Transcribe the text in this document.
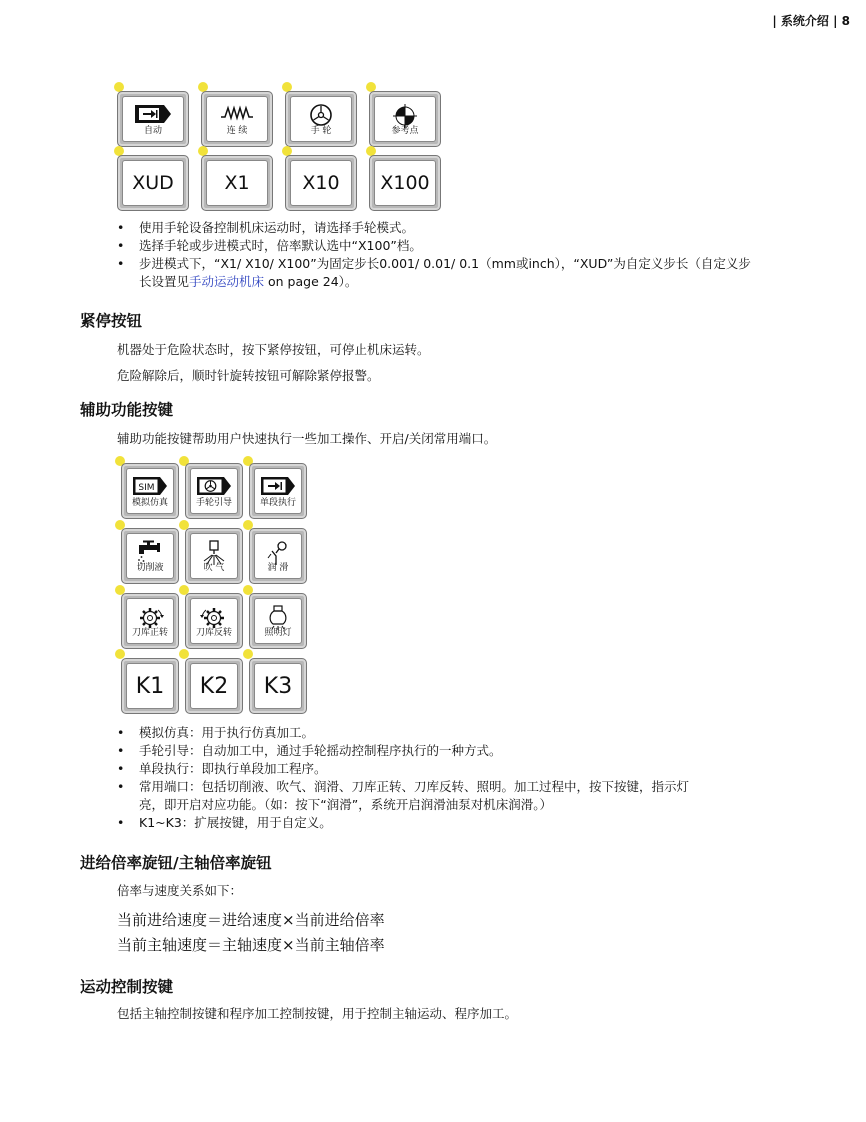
| 系统介绍 | 8
自动	连 续	手 轮	参考点
XUD	X1	X10	X100
• 使用手轮设备控制机床运动时，请选择手轮模式。
• 选择手轮或步进模式时，倍率默认选中“X100”档。
• 步进模式下，“X1/ X10/ X100”为固定步长0.001/ 0.01/ 0.1（mm或inch），“XUD”为自定义步长（自定义步
长设置见手动运动机床 on page 24）。
紧停按钮
机器处于危险状态时，按下紧停按钮，可停止机床运转。
危险解除后，顺时针旋转按钮可解除紧停报警。
辅助功能按键
辅助功能按键帮助用户快速执行一些加工操作、开启/关闭常用端口。
SIM
模拟仿真	手轮引导	单段执行
切削液	吹 气	润 滑
刀库正转	刀库反转	照明灯
K1	K2	K3
• 模拟仿真：用于执行仿真加工。
• 手轮引导：自动加工中，通过手轮摇动控制程序执行的一种方式。
• 单段执行：即执行单段加工程序。
• 常用端口：包括切削液、吹气、润滑、刀库正转、刀库反转、照明。加工过程中，按下按键，指示灯
亮，即开启对应功能。（如：按下“润滑”，系统开启润滑油泵对机床润滑。）
• K1~K3：扩展按键，用于自定义。
进给倍率旋钮/主轴倍率旋钮
倍率与速度关系如下：
当前进给速度＝进给速度×当前进给倍率
当前主轴速度＝主轴速度×当前主轴倍率
运动控制按键
包括主轴控制按键和程序加工控制按键，用于控制主轴运动、程序加工。
